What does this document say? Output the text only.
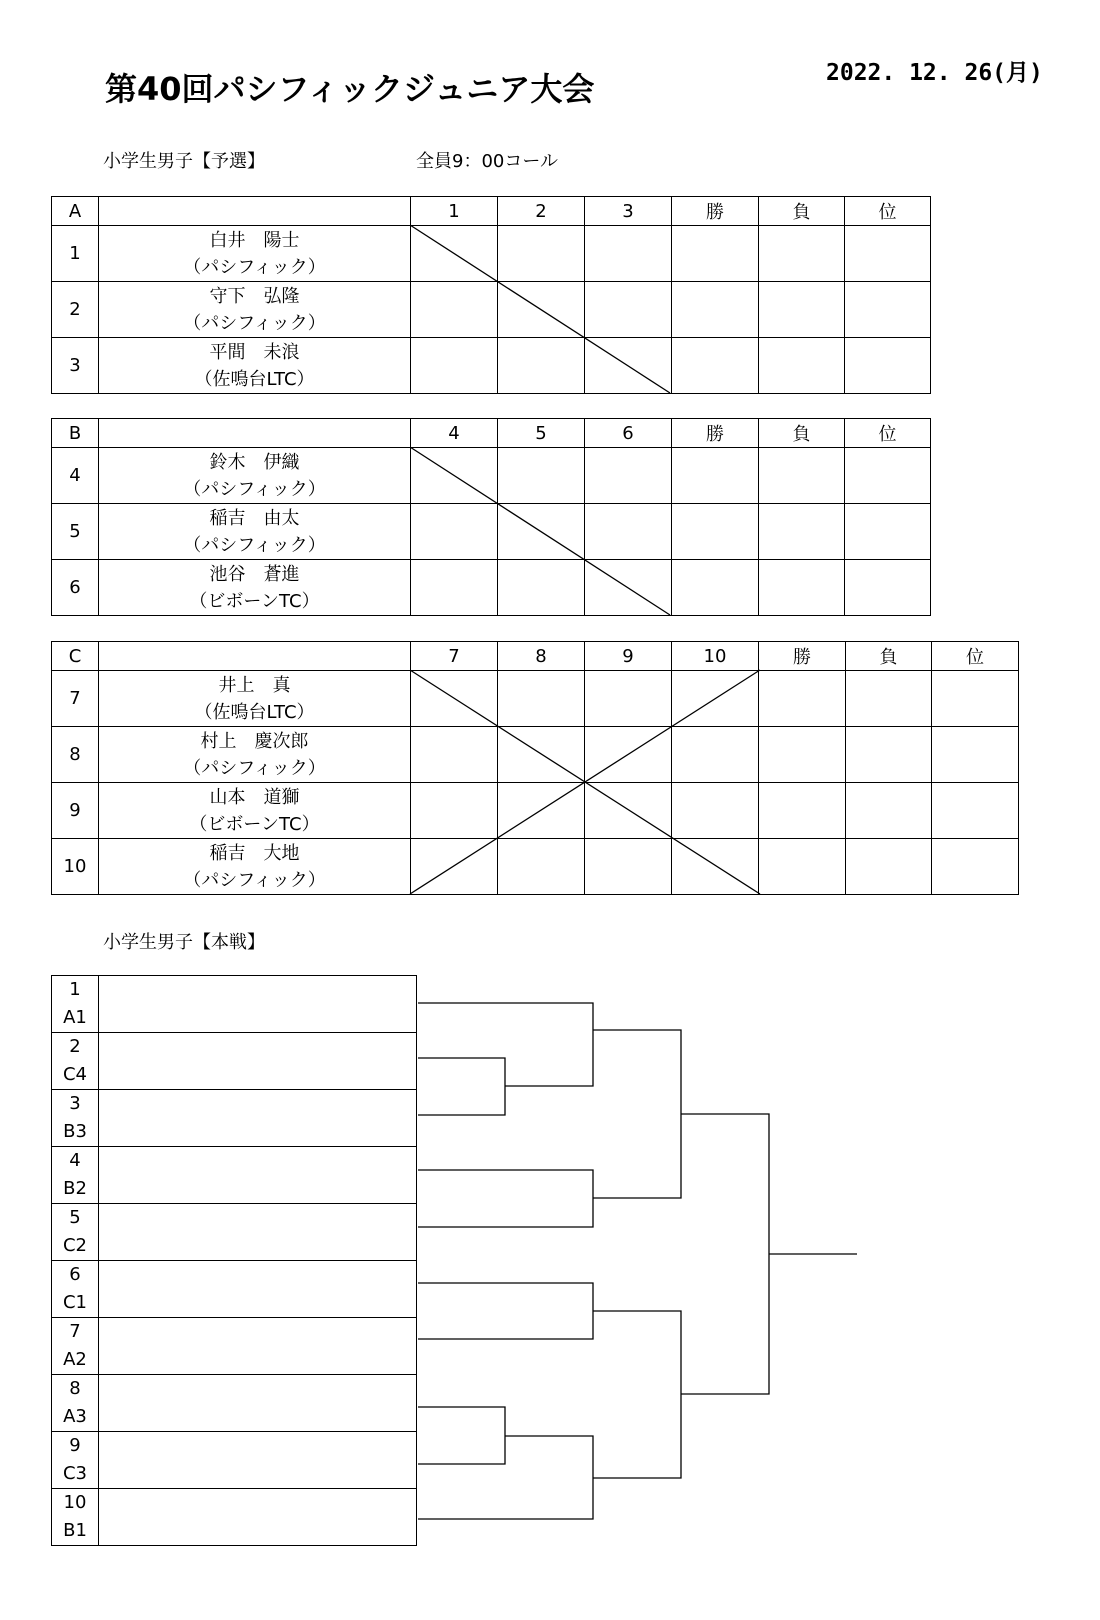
第40回パシフィックジュニア大会	2022. 12. 26(月)
小学生男子【予選】	全員9：00コール
A		1	2	3	勝	負	位
1	白井　陽士
（パシフィック）						

2	守下　弘隆
（パシフィック）						

3	平間　未浪
（佐鳴台LTC）						

B		4	5	6	勝	負	位
4	鈴木　伊織
（パシフィック）						

5	稲吉　由太
（パシフィック）						

6	池谷　蒼進
（ビボーンTC）						

C		7	8	9	10	勝	負	位
7	井上　真
（佐鳴台LTC）							

8	村上　慶次郎
（パシフィック）							

9	山本　道獅
（ビボーンTC）							

10	稲吉　大地
（パシフィック）							

小学生男子【本戦】
1
A1	

2
C4	

3
B3	

4
B2	

5
C2	

6
C1	

7
A2	

8
A3	

9
C3	

10
B1	
